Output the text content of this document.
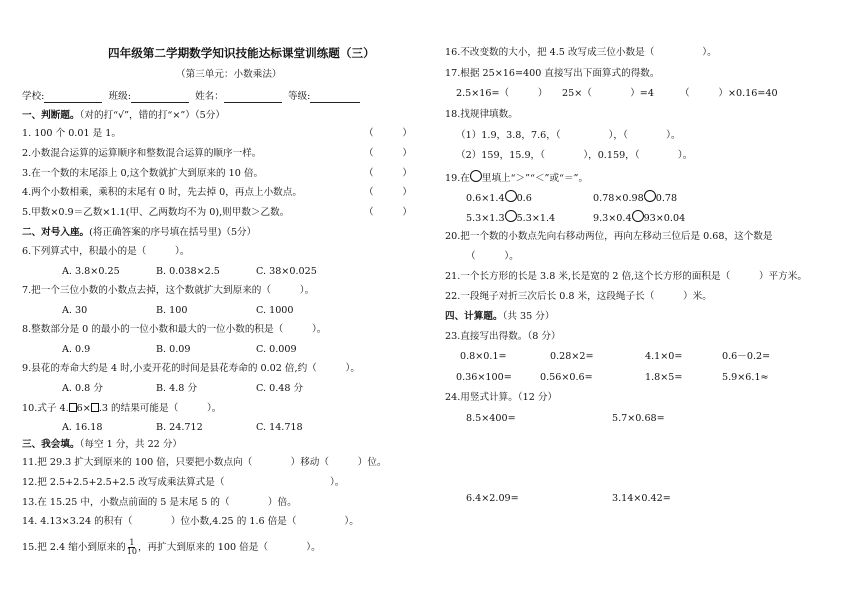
四年级第二学期数学知识技能达标课堂训练题（三）
（第三单元：小数乘法）
学校:	班级:	姓名：	等级:
一、判断题。（对的打“√”，错的打“×”）（5分）
1. 100 个 0.01 是 1。	（　　　）
2.小数混合运算的运算顺序和整数混合运算的顺序一样。	（　　　）
3.在一个数的末尾添上 0,这个数就扩大到原来的 10 倍。	（　　　）
4.两个小数相乘，乘积的末尾有 0 时，先去掉 0，再点上小数点。	（　　　）
5.甲数×0.9＝乙数×1.1(甲、乙两数均不为 0),则甲数＞乙数。	（　　　）
二、对号入座。(将正确答案的序号填在括号里)（5分）
6.下列算式中，积最小的是（　　　）。
A. 3.8×0.25	B. 0.038×2.5	C. 38×0.025
7.把一个三位小数的小数点去掉，这个数就扩大到原来的（　　　）。
A. 30	B. 100	C. 1000
8.整数部分是 0 的最小的一位小数和最大的一位小数的积是（　　　）。
A. 0.9	B. 0.09	C. 0.009
9.县花的寿命大约是 4 时,小麦开花的时间是县花寿命的 0.02 倍,约（　　　）。
A. 0.8 分	B. 4.8 分	C. 0.48 分
10.式子 4. 6× .3 的结果可能是（　　　）。
A. 16.18	B. 24.712	C. 14.718
三、我会填。（每空 1 分，共 22 分）
11.把 29.3 扩大到原来的 100 倍，只要把小数点向（　　　　）移动（　　　）位。
12.把 2.5+2.5+2.5+2.5 改写成乘法算式是（　　　　　　　　　　　）。
13.在 15.25 中，小数点前面的 5 是末尾 5 的（　　　　）倍。
14. 4.13×3.24 的积有（　　　　）位小数,4.25 的 1.6 倍是（　　　　　）。
15.把 2.4 缩小到原来的 $\frac{1}{10}$ ，再扩大到原来的 100 倍是（　　　　）。
16.不改变数的大小，把 4.5 改写成三位小数是（　　　　　）。
17.根据 25×16=400 直接写出下面算式的得数。
2.5×16=（　　　） 25×（　　　　）=4	（　　　）×0.16=40
18.找规律填数。
（1）1.9，3.8，7.6，（　　　　　），（　　　　）。
（2）159，15.9，（　　　　），0.159，（　　　　）。
19.在 里填上“＞”“＜”或“＝”。
0.6×1.4 0.6	0.78×0.98 0.78
5.3×1.3 5.3×1.4	9.3×0.4 93×0.04
20.把一个数的小数点先向右移动两位，再向左移动三位后是 0.68，这个数是
（　　　）。
21.一个长方形的长是 3.8 米,长是宽的 2 倍,这个长方形的面积是（　　　）平方米。
22.一段绳子对折三次后长 0.8 米，这段绳子长（　　　）米。
四、计算题。（共 35 分）
23.直接写出得数。（8 分）
0.8×0.1=	0.28×2=	4.1×0=	0.6－0.2=
0.36×100=	0.56×0.6=	1.8×5=	5.9×6.1≈
24.用竖式计算。（12 分）
8.5×400=	5.7×0.68=
6.4×2.09=	3.14×0.42=
